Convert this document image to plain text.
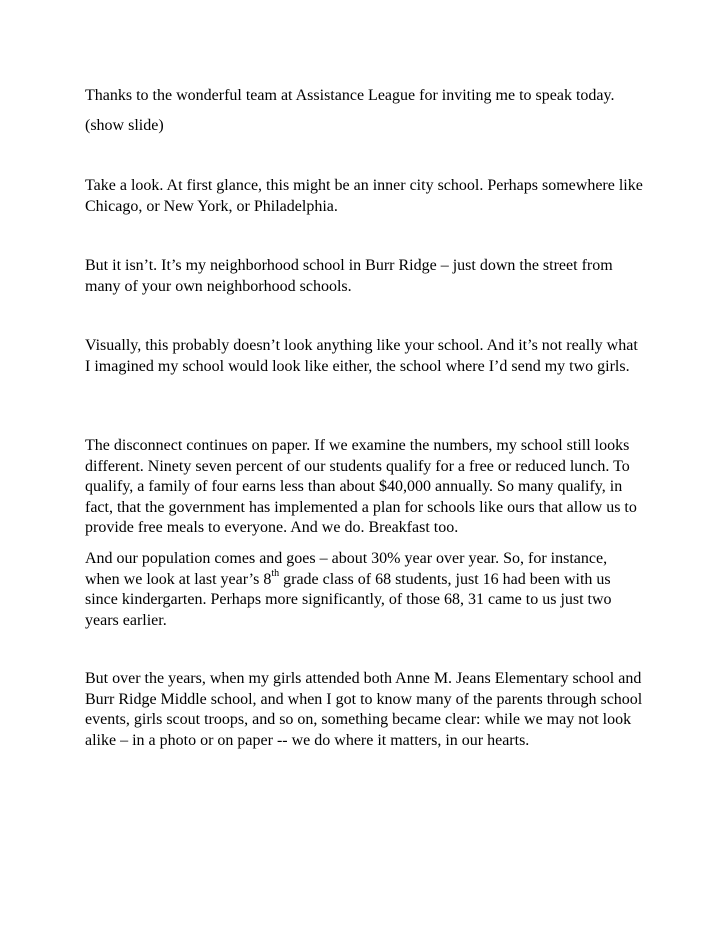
Thanks to the wonderful team at Assistance League for inviting me to speak today.

(show slide)

Take a look. At first glance, this might be an inner city school. Perhaps somewhere like Chicago, or New York, or Philadelphia.

But it isn’t. It’s my neighborhood school in Burr Ridge – just down the street from many of your own neighborhood schools.

Visually, this probably doesn’t look anything like your school. And it’s not really what I imagined my school would look like either, the school where I’d send my two girls.

The disconnect continues on paper. If we examine the numbers, my school still looks different. Ninety seven percent of our students qualify for a free or reduced lunch. To qualify, a family of four earns less than about $40,000 annually. So many qualify, in fact, that the government has implemented a plan for schools like ours that allow us to provide free meals to everyone. And we do. Breakfast too.

And our population comes and goes – about 30% year over year. So, for instance, when we look at last year’s 8th grade class of 68 students, just 16 had been with us since kindergarten. Perhaps more significantly, of those 68, 31 came to us just two years earlier.

But over the years, when my girls attended both Anne M. Jeans Elementary school and Burr Ridge Middle school, and when I got to know many of the parents through school events, girls scout troops, and so on, something became clear: while we may not look alike – in a photo or on paper -- we do where it matters, in our hearts.
